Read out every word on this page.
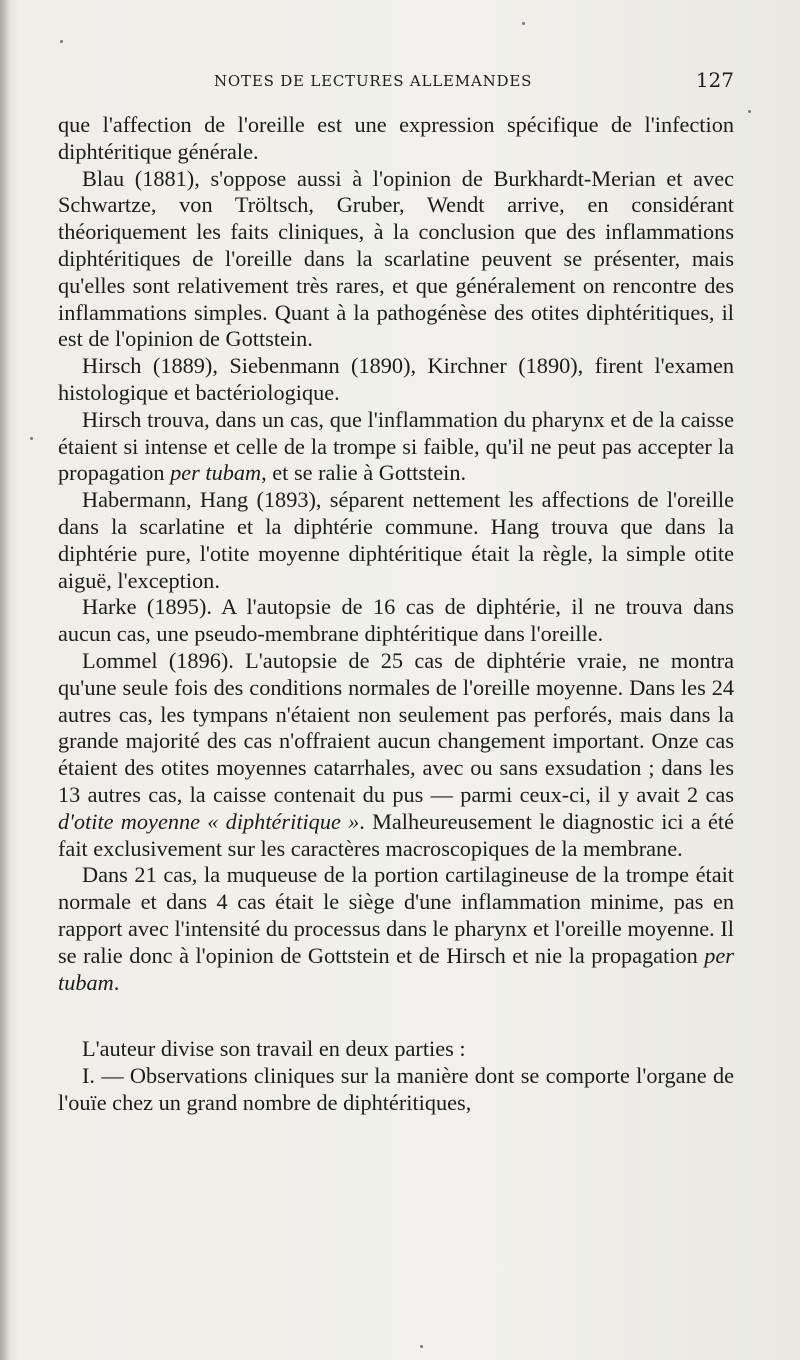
NOTES DE LECTURES ALLEMANDES	127

que l'affection de l'oreille est une expression spécifique de l'infection diphtéritique générale.

Blau (1881), s'oppose aussi à l'opinion de Burkhardt-Merian et avec Schwartze, von Tröltsch, Gruber, Wendt arrive, en considérant théoriquement les faits cliniques, à la conclusion que des inflammations diphtéritiques de l'oreille dans la scarlatine peuvent se présenter, mais qu'elles sont relativement très rares, et que généralement on rencontre des inflammations simples. Quant à la pathogénèse des otites diphtéritiques, il est de l'opinion de Gottstein.

Hirsch (1889), Siebenmann (1890), Kirchner (1890), firent l'examen histologique et bactériologique.

Hirsch trouva, dans un cas, que l'inflammation du pharynx et de la caisse étaient si intense et celle de la trompe si faible, qu'il ne peut pas accepter la propagation per tubam, et se ralie à Gottstein.

Habermann, Hang (1893), séparent nettement les affections de l'oreille dans la scarlatine et la diphtérie commune. Hang trouva que dans la diphtérie pure, l'otite moyenne diphtéritique était la règle, la simple otite aiguë, l'exception.

Harke (1895). A l'autopsie de 16 cas de diphtérie, il ne trouva dans aucun cas, une pseudo-membrane diphtéritique dans l'oreille.

Lommel (1896). L'autopsie de 25 cas de diphtérie vraie, ne montra qu'une seule fois des conditions normales de l'oreille moyenne. Dans les 24 autres cas, les tympans n'étaient non seulement pas perforés, mais dans la grande majorité des cas n'offraient aucun changement important. Onze cas étaient des otites moyennes catarrhales, avec ou sans exsudation ; dans les 13 autres cas, la caisse contenait du pus — parmi ceux-ci, il y avait 2 cas d'otite moyenne « diphtéritique ». Malheureusement le diagnostic ici a été fait exclusivement sur les caractères macroscopiques de la membrane.

Dans 21 cas, la muqueuse de la portion cartilagineuse de la trompe était normale et dans 4 cas était le siège d'une inflammation minime, pas en rapport avec l'intensité du processus dans le pharynx et l'oreille moyenne. Il se ralie donc à l'opinion de Gottstein et de Hirsch et nie la propagation per tubam.

L'auteur divise son travail en deux parties :

I. — Observations cliniques sur la manière dont se comporte l'organe de l'ouïe chez un grand nombre de diphtéritiques,
